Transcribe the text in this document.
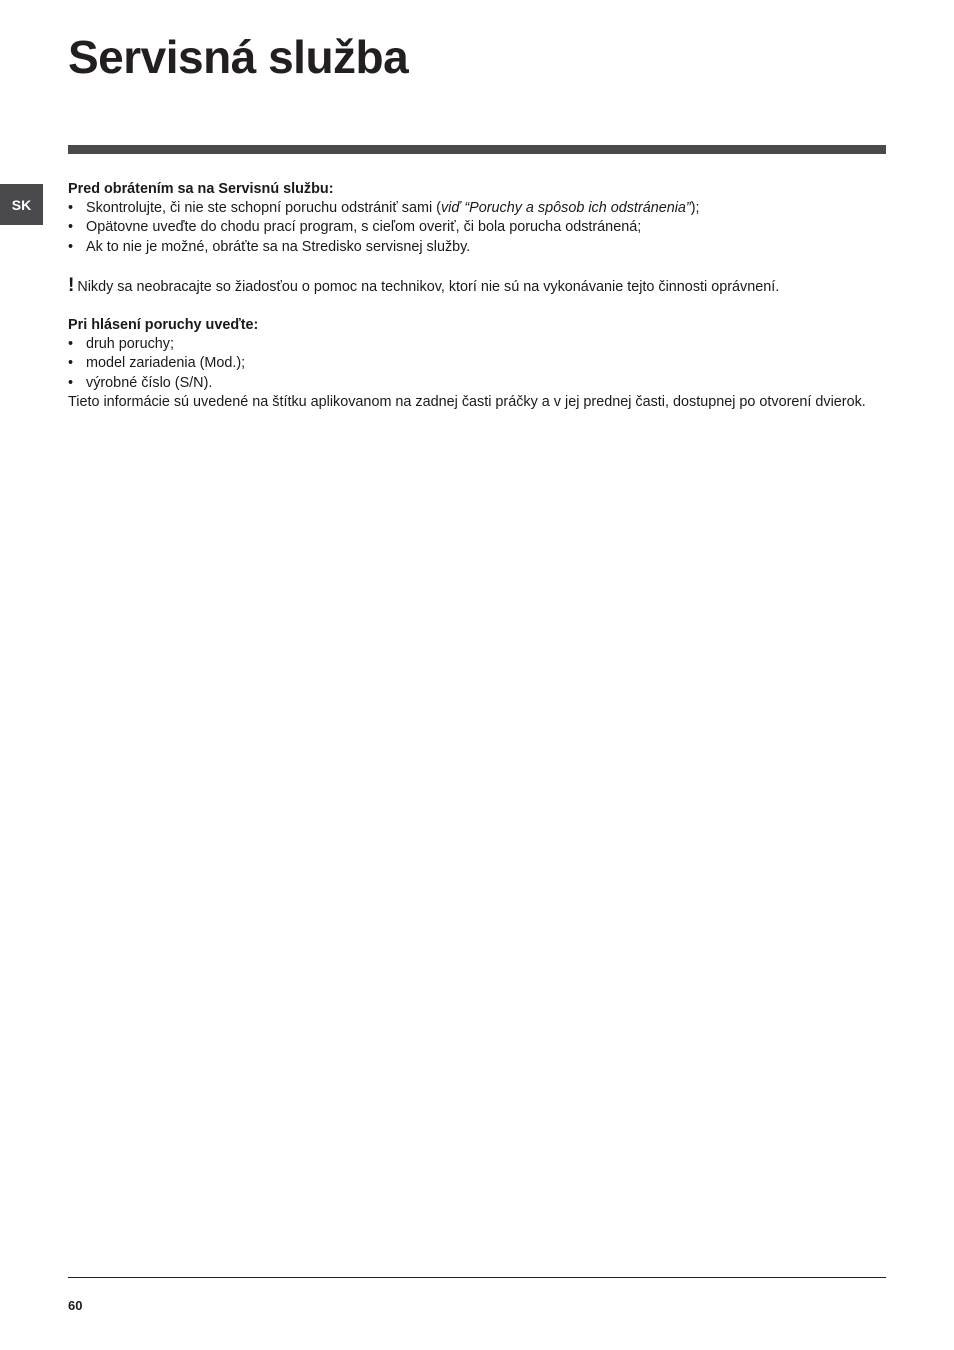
Servisná služba
SK

Pred obrátením sa na Servisnú službu:

• Skontrolujte, či nie ste schopní poruchu odstrániť sami (viď “Poruchy a spôsob ich odstránenia”);
• Opätovne uveďte do chodu prací program, s cieľom overiť, či bola porucha odstránená;
• Ak to nie je možné, obráťte sa na Stredisko servisnej služby.
! Nikdy sa neobracajte so žiadosťou o pomoc na technikov, ktorí nie sú na vykonávanie tejto činnosti oprávnení.

Pri hlásení poruchy uveďte:

• druh poruchy;
• model zariadenia (Mod.);
• výrobné číslo (S/N).

Tieto informácie sú uvedené na štítku aplikovanom na zadnej časti práčky a v jej prednej časti, dostupnej po otvorení dvierok.

60
